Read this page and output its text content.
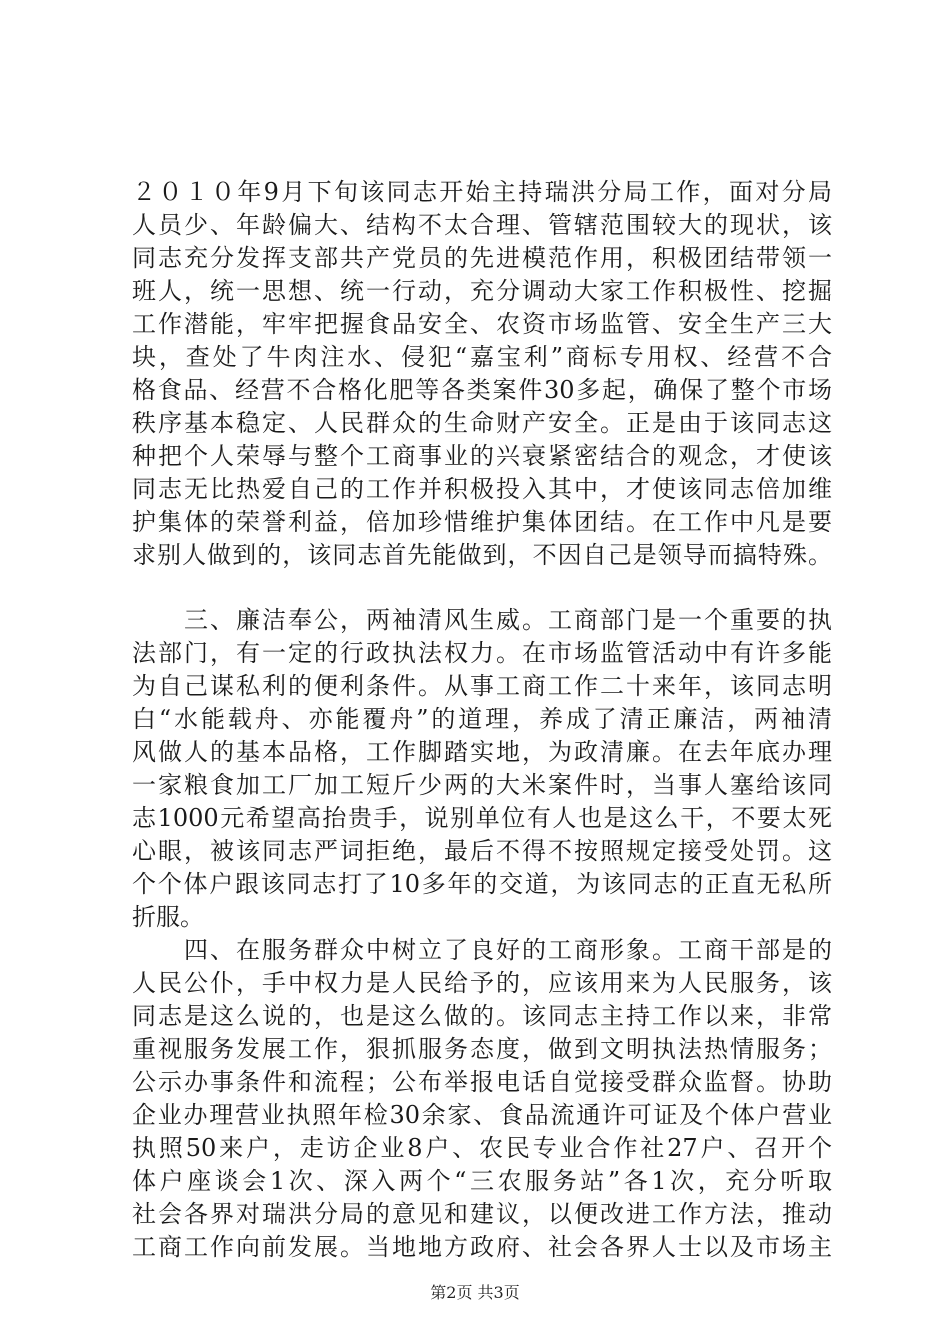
２０１０年9月下旬该同志开始主持瑞洪分局工作，面对分局
人员少、年龄偏大、结构不太合理、管辖范围较大的现状，该
同志充分发挥支部共产党员的先进模范作用，积极团结带领一
班人，统一思想、统一行动，充分调动大家工作积极性、挖掘
工作潜能，牢牢把握食品安全、农资市场监管、安全生产三大
块，查处了牛肉注水、侵犯“嘉宝利”商标专用权、经营不合
格食品、经营不合格化肥等各类案件30多起，确保了整个市场
秩序基本稳定、人民群众的生命财产安全。正是由于该同志这
种把个人荣辱与整个工商事业的兴衰紧密结合的观念，才使该
同志无比热爱自己的工作并积极投入其中，才使该同志倍加维
护集体的荣誉利益，倍加珍惜维护集体团结。在工作中凡是要
求别人做到的，该同志首先能做到，不因自己是领导而搞特殊。
　　三、廉洁奉公，两袖清风生威。工商部门是一个重要的执
法部门，有一定的行政执法权力。在市场监管活动中有许多能
为自己谋私利的便利条件。从事工商工作二十来年，该同志明
白“水能载舟、亦能覆舟”的道理，养成了清正廉洁，两袖清
风做人的基本品格，工作脚踏实地，为政清廉。在去年底办理
一家粮食加工厂加工短斤少两的大米案件时，当事人塞给该同
志1000元希望高抬贵手，说别单位有人也是这么干，不要太死
心眼，被该同志严词拒绝，最后不得不按照规定接受处罚。这
个个体户跟该同志打了10多年的交道，为该同志的正直无私所
折服。
　　四、在服务群众中树立了良好的工商形象。工商干部是的
人民公仆，手中权力是人民给予的，应该用来为人民服务，该
同志是这么说的，也是这么做的。该同志主持工作以来，非常
重视服务发展工作，狠抓服务态度，做到文明执法热情服务；
公示办事条件和流程；公布举报电话自觉接受群众监督。协助
企业办理营业执照年检30余家、食品流通许可证及个体户营业
执照50来户，走访企业8户、农民专业合作社27户、召开个
体户座谈会1次、深入两个“三农服务站”各1次，充分听取
社会各界对瑞洪分局的意见和建议，以便改进工作方法，推动
工商工作向前发展。当地地方政府、社会各界人士以及市场主
第2页 共3页
